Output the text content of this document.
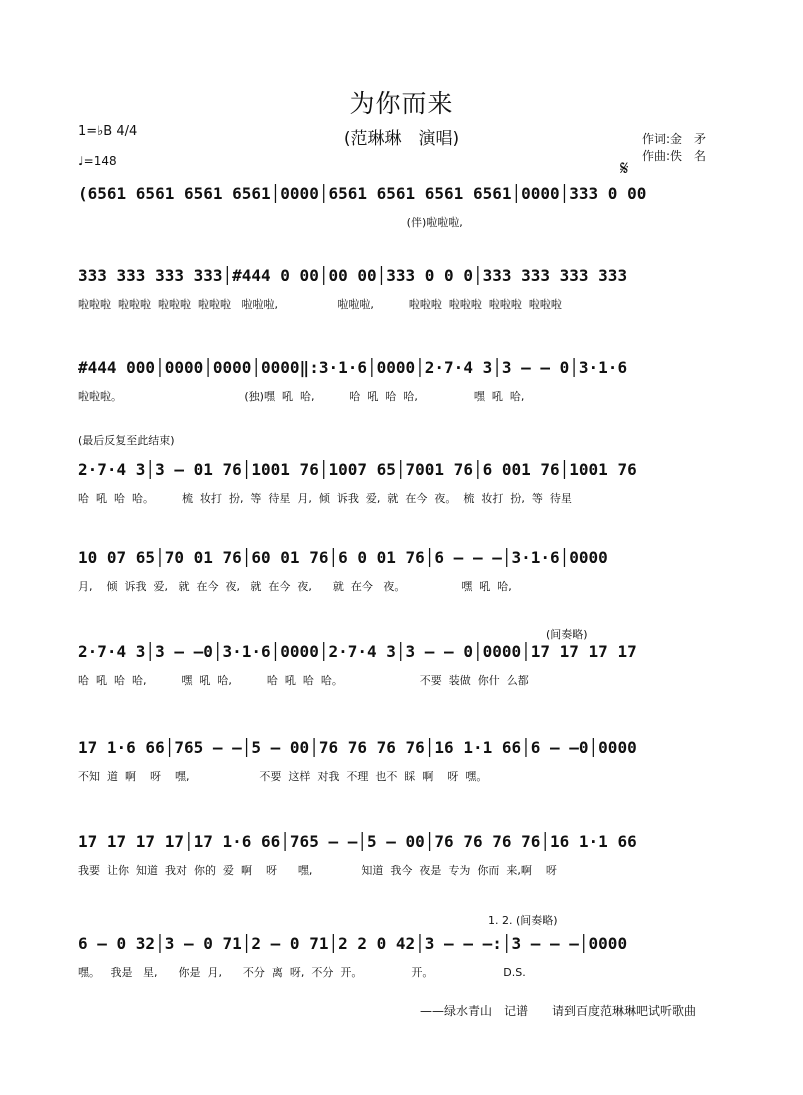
为你而来
(范琳琳　演唱)	作词:金　矛
作曲:佚　名
1=♭B 4/4
♩=148	𝄋
(6561 6561 6561 6561│0000│6561 6561 6561 6561│0000│333 0 00
(伴)啦啦啦,
333 333 333 333│#444 0 00│00 00│333 0 0 0│333 333 333 333
啦啦啦  啦啦啦  啦啦啦  啦啦啦   啦啦啦,                 啦啦啦,          啦啦啦  啦啦啦  啦啦啦  啦啦啦
#444 000│0000│0000│0000‖:3·1·6│0000│2·7·4 3│3 — — 0│3·1·6
啦啦啦。                                   (独)嘿  吼  哈,          哈  吼  哈  哈,                嘿  吼  哈,
(最后反复至此结束)
2·7·4 3│3 — 01 76│1001 76│1007 65│7001 76│6 001 76│1001 76
哈  吼  哈  哈。        梳  妆打  扮,  等  待星  月,  倾  诉我  爱,  就  在今  夜。  梳  妆打  扮,  等  待星
10 07 65│70 01 76│60 01 76│6 0 01 76│6 — — —│3·1·6│0000
月,    倾  诉我  爱,   就  在今  夜,   就  在今  夜,      就  在今   夜。                嘿  吼  哈,
(间奏略)
2·7·4 3│3 — —0│3·1·6│0000│2·7·4 3│3 — — 0│0000│17 17 17 17
哈  吼  哈  哈,          嘿  吼  哈,          哈  吼  哈  哈。                      不要  装做  你什  么都
17 1·6 66│765 — —│5 — 00│76 76 76 76│16 1·1 66│6 — —0│0000
不知  道  啊    呀    嘿,                    不要  这样  对我  不理  也不  睬  啊    呀  嘿。
17 17 17 17│17 1·6 66│765 — —│5 — 00│76 76 76 76│16 1·1 66
我要  让你  知道  我对  你的  爱  啊    呀      嘿,              知道  我今  夜是  专为  你而  来,啊    呀
1. 2. (间奏略)
6 — 0 32│3 — 0 71│2 — 0 71│2 2 0 42│3 — — —:│3 — — —│0000
嘿。   我是   星,      你是  月,      不分  离  呀,  不分  开。              开。                    D.S.
——绿水青山　记谱　　请到百度范琳琳吧试听歌曲
